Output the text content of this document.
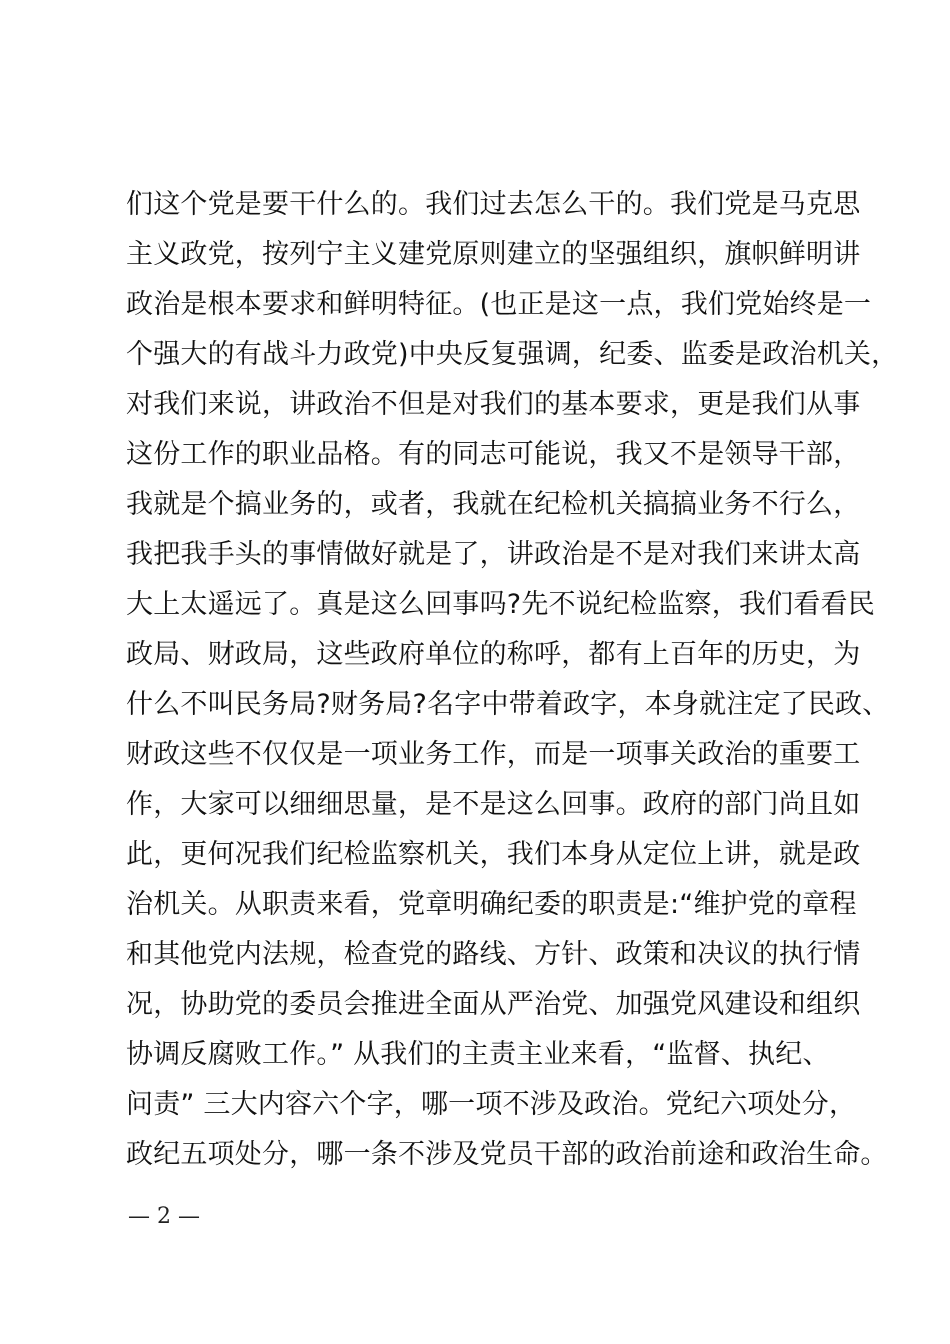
们这个党是要干什么的。我们过去怎么干的。我们党是马克思
主义政党，按列宁主义建党原则建立的坚强组织，旗帜鲜明讲
政治是根本要求和鲜明特征。(也正是这一点，我们党始终是一
个强大的有战斗力政党)中央反复强调，纪委、监委是政治机关，
对我们来说，讲政治不但是对我们的基本要求，更是我们从事
这份工作的职业品格。有的同志可能说，我又不是领导干部，
我就是个搞业务的，或者，我就在纪检机关搞搞业务不行么，
我把我手头的事情做好就是了，讲政治是不是对我们来讲太高
大上太遥远了。真是这么回事吗?先不说纪检监察，我们看看民
政局、财政局，这些政府单位的称呼，都有上百年的历史，为
什么不叫民务局?财务局?名字中带着政字，本身就注定了民政、
财政这些不仅仅是一项业务工作，而是一项事关政治的重要工
作，大家可以细细思量，是不是这么回事。政府的部门尚且如
此，更何况我们纪检监察机关，我们本身从定位上讲，就是政
治机关。从职责来看，党章明确纪委的职责是:“维护党的章程
和其他党内法规，检查党的路线、方针、政策和决议的执行情
况，协助党的委员会推进全面从严治党、加强党风建设和组织
协调反腐败工作。” 从我们的主责主业来看，“监督、执纪、
问责” 三大内容六个字，哪一项不涉及政治。党纪六项处分，
政纪五项处分，哪一条不涉及党员干部的政治前途和政治生命。
— 2 —
